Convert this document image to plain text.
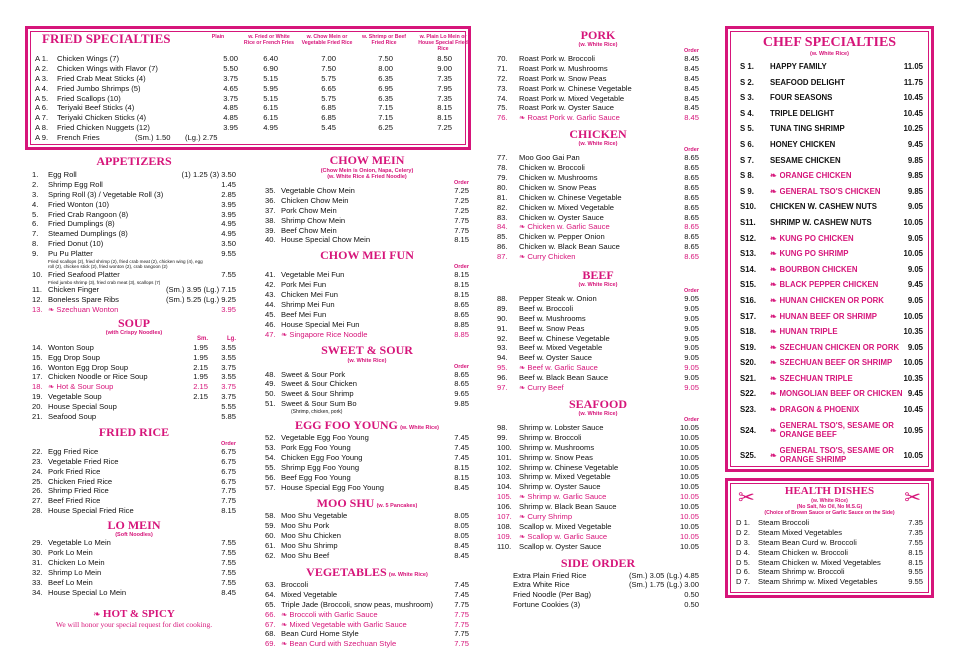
FRIED SPECIALTIES	Plain	w. Fried or White Rice or French Fries
w. Chow Mein or Vegetable Fried Rice
w. Shrimp or Beef Fried Rice
w. Plain Lo Mein or House Special Fried Rice
A 1.	Chicken Wings (7)	5.00	6.40	7.00	7.50	8.50
A 2.	Chicken Wings with Flavor (7)	5.50	6.90	7.50	8.00	9.00
A 3.	Fried Crab Meat Sticks (4)	3.75	5.15	5.75	6.35	7.35
A 4.	Fried Jumbo Shrimps (5)	4.65	5.95	6.65	6.95	7.95
A 5.	Fried Scallops (10)	3.75	5.15	5.75	6.35	7.35
A 6.	Teriyaki Beef Sticks (4)	4.85	6.15	6.85	7.15	8.15
A 7.	Teriyaki Chicken Sticks (4)	4.85	6.15	6.85	7.15	8.15
A 8.	Fried Chicken Nuggets (12)	3.95	4.95	5.45	6.25	7.25
A 9.	French Fries	(Sm.) 1.50	(Lg.) 2.75
APPETIZERS
1.	Egg Roll	(1) 1.25 (3) 3.50
2.	Shrimp Egg Roll	1.45
3.	Spring Roll (3) / Vegetable Roll (3)	2.85
4.	Fried Wonton (10)	3.95
5.	Fried Crab Rangoon (8)	3.95
6.	Fried Dumplings (8)	4.95
7.	Steamed Dumplings (8)	4.95
8.	Fried Donut (10)	3.50
9.	Pu Pu Platter	9.55
Fried scallops (2), fried shrimp (2), fried crab meat (2), chicken wing (4), egg roll (2), chicken stick (2), fried wonton (2), crab rangoon (2)
10. Fried Seafood Platter	7.55
Fried jumbo shrimp (3), fried crab meat (3), scallops (7)
11. Chicken Finger	(Sm.) 3.95 (Lg.) 7.15
12. Boneless Spare Ribs	(Sm.) 5.25 (Lg.) 9.25
13. ❧ Szechuan Wonton	3.95
SOUP
(with Crispy Noodles)
Sm.	Lg.
14. Wonton Soup	1.95	3.55
15. Egg Drop Soup	1.95	3.55
16. Wonton Egg Drop Soup	2.15	3.75
17. Chicken Noodle or Rice Soup	1.95	3.55
18. ❧ Hot & Sour Soup	2.15	3.75
19. Vegetable Soup	2.15	3.75
20. House Special Soup	5.55
21. Seafood Soup	5.85
FRIED RICE
Order
22. Egg Fried Rice	6.75
23. Vegetable Fried Rice	6.75
24. Pork Fried Rice	6.75
25. Chicken Fried Rice	6.75
26. Shrimp Fried Rice	7.75
27. Beef Fried Rice	7.75
28. House Special Fried Rice	8.15
LO MEIN
(Soft Noodles)
29. Vegetable Lo Mein	7.55
30. Pork Lo Mein	7.55
31. Chicken Lo Mein	7.55
32. Shrimp Lo Mein	7.55
33. Beef Lo Mein	7.55
34. House Special Lo Mein	8.45
❧ HOT & SPICY
We will honor your special request for diet cooking.
CHOW MEIN
(Chow Mein is Onion, Napa, Celery)
(w. White Rice & Fried Noodle)
Order
35. Vegetable Chow Mein	7.25
36. Chicken Chow Mein	7.25
37. Pork Chow Mein	7.25
38. Shrimp Chow Mein	7.75
39. Beef Chow Mein	7.75
40. House Special Chow Mein	8.15
CHOW MEI FUN
Order
41. Vegetable Mei Fun	8.15
42. Pork Mei Fun	8.15
43. Chicken Mei Fun	8.15
44. Shrimp Mei Fun	8.65
45. Beef Mei Fun	8.65
46. House Special Mei Fun	8.85
47. ❧ Singapore Rice Noodle	8.85
SWEET & SOUR
(w. White Rice)
Order
48. Sweet & Sour Pork	8.65
49. Sweet & Sour Chicken	8.65
50. Sweet & Sour Shrimp	9.65
51. Sweet & Sour Sum Bo	9.85
(Shrimp, chicken, pork)
EGG FOO YOUNG (w. White Rice)
52. Vegetable Egg Foo Young	7.45
53. Pork Egg Foo Young	7.45
54. Chicken Egg Foo Young	7.45
55. Shrimp Egg Foo Young	8.15
56. Beef Egg Foo Young	8.15
57. House Special Egg Foo Young	8.45
MOO SHU (w. 5 Pancakes)
58. Moo Shu Vegetable	8.05
59. Moo Shu Pork	8.05
60. Moo Shu Chicken	8.05
61. Moo Shu Shrimp	8.45
62. Moo Shu Beef	8.45
VEGETABLES (w. White Rice)
63. Broccoli	7.45
64. Mixed Vegetable	7.45
65. Triple Jade (Broccoli, snow peas, mushroom)	7.75
66. ❧ Broccoli with Garlic Sauce	7.75
67. ❧ Mixed Vegetable with Garlic Sauce	7.75
68. Bean Curd Home Style	7.75
69. ❧ Bean Curd with Szechuan Style	7.75
PORK
(w. White Rice)
Order
70.	Roast Pork w. Broccoli	8.45
71.	Roast Pork w. Mushrooms	8.45
72.	Roast Pork w. Snow Peas	8.45
73.	Roast Pork w. Chinese Vegetable	8.45
74.	Roast Pork w. Mixed Vegetable	8.45
75.	Roast Pork w. Oyster Sauce	8.45
76.	❧ Roast Pork w. Garlic Sauce	8.45
CHICKEN
(w. White Rice)
Order
77.	Moo Goo Gai Pan	8.65
78.	Chicken w. Broccoli	8.65
79.	Chicken w. Mushrooms	8.65
80.	Chicken w. Snow Peas	8.65
81.	Chicken w. Chinese Vegetable	8.65
82.	Chicken w. Mixed Vegetable	8.65
83.	Chicken w. Oyster Sauce	8.65
84.	❧ Chicken w. Garlic Sauce	8.65
85.	Chicken w. Pepper Onion	8.65
86.	Chicken w. Black Bean Sauce	8.65
87.	❧ Curry Chicken	8.65
BEEF
(w. White Rice)
Order
88.	Pepper Steak w. Onion	9.05
89.	Beef w. Broccoli	9.05
90.	Beef w. Mushrooms	9.05
91.	Beef w. Snow Peas	9.05
92.	Beef w. Chinese Vegetable	9.05
93.	Beef w. Mixed Vegetable	9.05
94.	Beef w. Oyster Sauce	9.05
95.	❧ Beef w. Garlic Sauce	9.05
96.	Beef w. Black Bean Sauce	9.05
97.	❧ Curry Beef	9.05
SEAFOOD
(w. White Rice)
Order
98.	Shrimp w. Lobster Sauce	10.05
99.	Shrimp w. Broccoli	10.05
100. Shrimp w. Mushrooms	10.05
101. Shrimp w. Snow Peas	10.05
102. Shrimp w. Chinese Vegetable	10.05
103. Shrimp w. Mixed Vegetable	10.05
104. Shrimp w. Oyster Sauce	10.05
105. ❧ Shrimp w. Garlic Sauce	10.05
106. Shrimp w. Black Bean Sauce	10.05
107. ❧ Curry Shrimp	10.05
108. Scallop w. Mixed Vegetable	10.05
109. ❧ Scallop w. Garlic Sauce	10.05
110.	Scallop w. Oyster Sauce	10.05
SIDE ORDER
Extra Plain Fried Rice	(Sm.) 3.05 (Lg.) 4.85
Extra White Rice	(Sm.) 1.75 (Lg.) 3.00
Fried Noodle (Per Bag)	0.50
Fortune Cookies (3)	0.50
CHEF SPECIALTIES
(w. White Rice)
S 1.	HAPPY FAMILY	11.05
S 2.	SEAFOOD DELIGHT	11.75
S 3.	FOUR SEASONS	10.45
S 4.	TRIPLE DELIGHT	10.45
S 5.	TUNA TING SHRIMP	10.25
S 6.	HONEY CHICKEN	9.45
S 7.	SESAME CHICKEN	9.85
S 8.	❧ ORANGE CHICKEN	9.85
S 9.	❧ GENERAL TSO'S CHICKEN	9.85
S10.	CHICKEN W. CASHEW NUTS	9.05
S11.	SHRIMP W. CASHEW NUTS	10.05
S12.	❧ KUNG PO CHICKEN	9.05
S13.	❧ KUNG PO SHRIMP	10.05
S14.	❧ BOURBON CHICKEN	9.05
S15.	❧ BLACK PEPPER CHICKEN	9.45
S16.	❧ HUNAN CHICKEN OR PORK	9.05
S17.	❧ HUNAN BEEF OR SHRIMP	10.05
S18.	❧ HUNAN TRIPLE	10.35
S19.	❧ SZECHUAN CHICKEN OR PORK	9.05
S20.	❧ SZECHUAN BEEF OR SHRIMP	10.05
S21.	❧ SZECHUAN TRIPLE	10.35
S22.	❧ MONGOLIAN BEEF OR CHICKEN 9.45
S23.	❧ DRAGON & PHOENIX	10.45
S24.	❧ GENERAL TSO'S, SESAME OR ORANGE BEEF	10.95
S25.	❧ GENERAL TSO'S, SESAME OR ORANGE SHRIMP	10.05
✂	✂
HEALTH DISHES
(w. White Rice)
(No Salt, No Oil, No M.S.G)
(Choice of Brown Sauce or Garlic Sauce on the Side)
D 1.	Steam Broccoli	7.35
D 2.	Steam Mixed Vegetables	7.35
D 3.	Steam Bean Curd w. Broccoli	7.55
D 4.	Steam Chicken w. Broccoli	8.15
D 5.	Steam Chicken w. Mixed Vegetables	8.15
D 6.	Steam Shrimp w. Broccoli	9.55
D 7.	Steam Shrimp w. Mixed Vegetables	9.55
